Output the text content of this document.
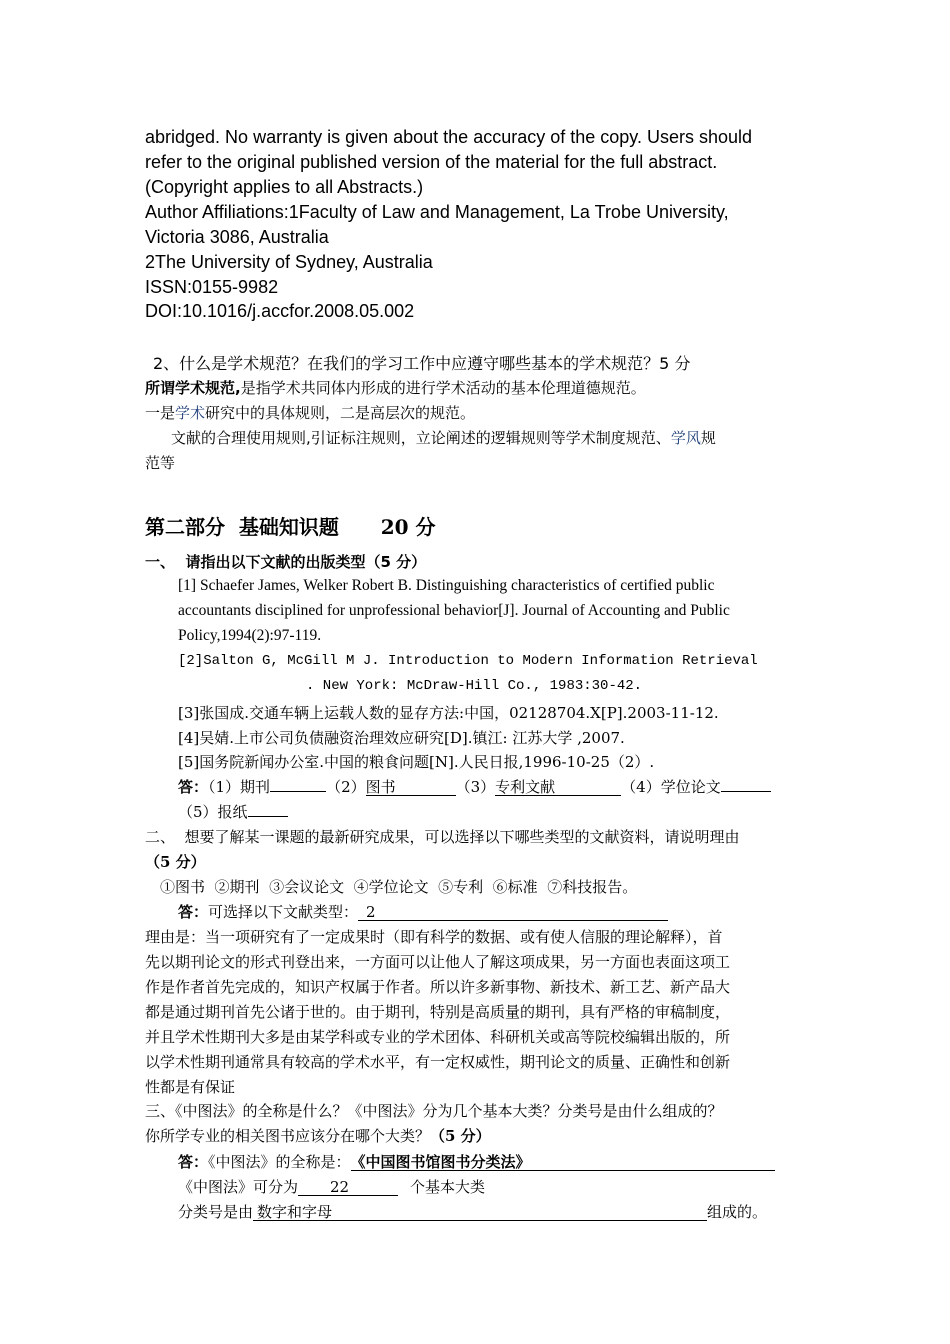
abridged. No warranty is given about the accuracy of the copy. Users should
refer to the original published version of the material for the full abstract.
(Copyright applies to all Abstracts.)
Author Affiliations:1Faculty of Law and Management, La Trobe University,
Victoria 3086, Australia
2The University of Sydney, Australia
ISSN:0155-9982
DOI:10.1016/j.accfor.2008.05.002
2、什么是学术规范？在我们的学习工作中应遵守哪些基本的学术规范？5 分
所谓学术规范,是指学术共同体内形成的进行学术活动的基本伦理道德规范。
一是学术研究中的具体规则，二是高层次的规范。
文献的合理使用规则,引证标注规则，立论阐述的逻辑规则等学术制度规范、学风规
范等
第二部分  基础知识题      20 分
一、  请指出以下文献的出版类型（5 分）
[1] Schaefer James, Welker Robert B. Distinguishing characteristics of certified public
accountants disciplined for unprofessional behavior[J]. Journal of Accounting and Public
Policy,1994(2):97-119.
[2]Salton G, McGill M J. Introduction to Modern Information Retrieval
. New York: McDraw-Hill Co., 1983:30-42.
[3]张国成.交通车辆上运载人数的显存方法:中国，02128704.X[P].2003-11-12.
[4]吴婧.上市公司负债融资治理效应研究[D].镇江: 江苏大学 ,2007.
[5]国务院新闻办公室.中国的粮食问题[N].人民日报,1996-10-25（2）.
答：（1）期刊	（2）图书	（3）专利文献	（4）学位论文
（5）报纸
二、  想要了解某一课题的最新研究成果，可以选择以下哪些类型的文献资料，请说明理由
（5 分）
①图书  ②期刊  ③会议论文  ④学位论文  ⑤专利  ⑥标准  ⑦科技报告。
答：可选择以下文献类型： 2
理由是：当一项研究有了一定成果时（即有科学的数据、或有使人信服的理论解释），首
先以期刊论文的形式刊登出来，一方面可以让他人了解这项成果，另一方面也表面这项工
作是作者首先完成的，知识产权属于作者。所以许多新事物、新技术、新工艺、新产品大
都是通过期刊首先公诸于世的。由于期刊，特别是高质量的期刊，具有严格的审稿制度，
并且学术性期刊大多是由某学科或专业的学术团体、科研机关或高等院校编辑出版的，所
以学术性期刊通常具有较高的学术水平，有一定权威性，期刊论文的质量、正确性和创新
性都是有保证
三、《中图法》的全称是什么？《中图法》分为几个基本大类？分类号是由什么组成的？
你所学专业的相关图书应该分在哪个大类？（5 分）
答：《中图法》的全称是：《中国图书馆图书分类法》
《中图法》可分为 22	个基本大类
分类号是由 数字和字母	组成的。
